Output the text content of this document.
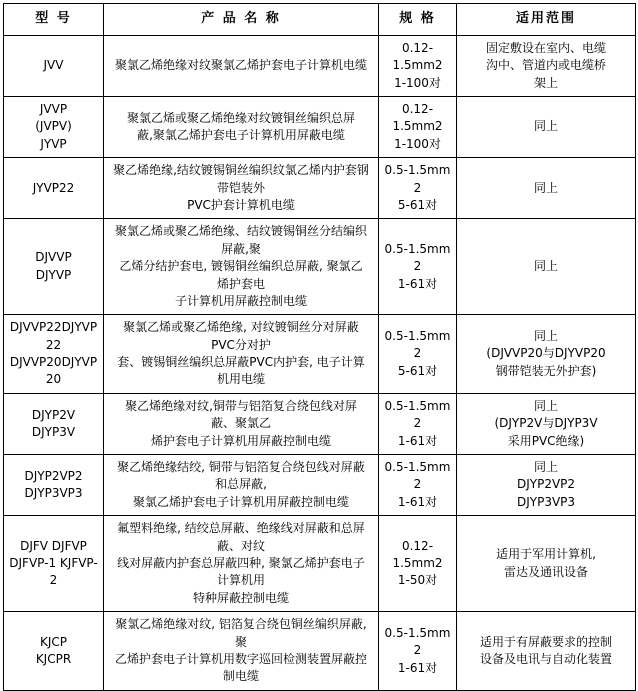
型 号	产 品 名 称	规 格	适用范围

JVV	聚氯乙烯绝缘对纹聚氯乙烯护套电子计算机电缆	0.12-
1.5mm2
1-100对	固定敷设在室内、电缆
沟中、管道内或电缆桥
架上

JVVP
(JVPV)
JYVP	聚氯乙烯或聚乙烯绝缘对纹镀铜丝编织总屏
蔽,聚氯乙烯护套电子计算机用屏蔽电缆	0.12-
1.5mm2
1-100对	同上

JYVP22	聚乙烯绝缘,结纹镀锡铜丝编织纹氯乙烯内护套钢
带铠装外
PVC护套计算机电缆	0.5-1.5mm2
5-61对	同上

DJVVP
DJYVP	聚氯乙烯或聚乙烯绝缘、结纹镀锡铜丝分结编织
屏蔽,聚
乙烯分结护套电, 镀锡铜丝编织总屏蔽, 聚氯乙
烯护套电
子计算机用屏蔽控制电缆	0.5-1.5mm2
1-61对	同上

DJVVP22DJYVP22
DJVVP20DJYVP20	聚氯乙烯或聚乙烯绝缘, 对纹镀铜丝分对屏蔽
PVC分对护
套、镀锡铜丝编织总屏蔽PVC内护套, 电子计算
机用电缆	0.5-1.5mm2
5-61对	同上
(DJVVP20与DJYVP20
钢带铠装无外护套)

DJYP2V
DJYP3V	聚乙烯绝缘对纹,铜带与铝箔复合绕包线对屏
蔽、聚氯乙
烯护套电子计算机用屏蔽控制电缆	0.5-1.5mm2
1-61对	同上
(DJYP2V与DJYP3V
采用PVC绝缘)

DJYP2VP2
DJYP3VP3	聚乙烯绝缘结绞, 铜带与铝箔复合绕包线对屏蔽
和总屏蔽,
聚氯乙烯护套电子计算机用屏蔽控制电缆	0.5-1.5mm2
1-61对	同上
DJYP2VP2
DJYP3VP3

DJFV DJFVP
DJFVP-1 KJFVP-2	氟塑料绝缘, 结绞总屏蔽、绝缘线对屏蔽和总屏
蔽、对纹
线对屏蔽内护套总屏蔽四种, 聚氯乙烯护套电子
计算机用
特种屏蔽控制电缆	0.12-
1.5mm2
1-50对	适用于军用计算机,
雷达及通讯设备

KJCP
KJCPR	聚氯乙烯绝缘对纹, 铝箔复合绕包铜丝编织屏蔽,
聚
乙烯护套电子计算机用数字巡回检测装置屏蔽控
制电缆	0.5-1.5mm2
1-61对	适用于有屏蔽要求的控制
设备及电讯与自动化装置
